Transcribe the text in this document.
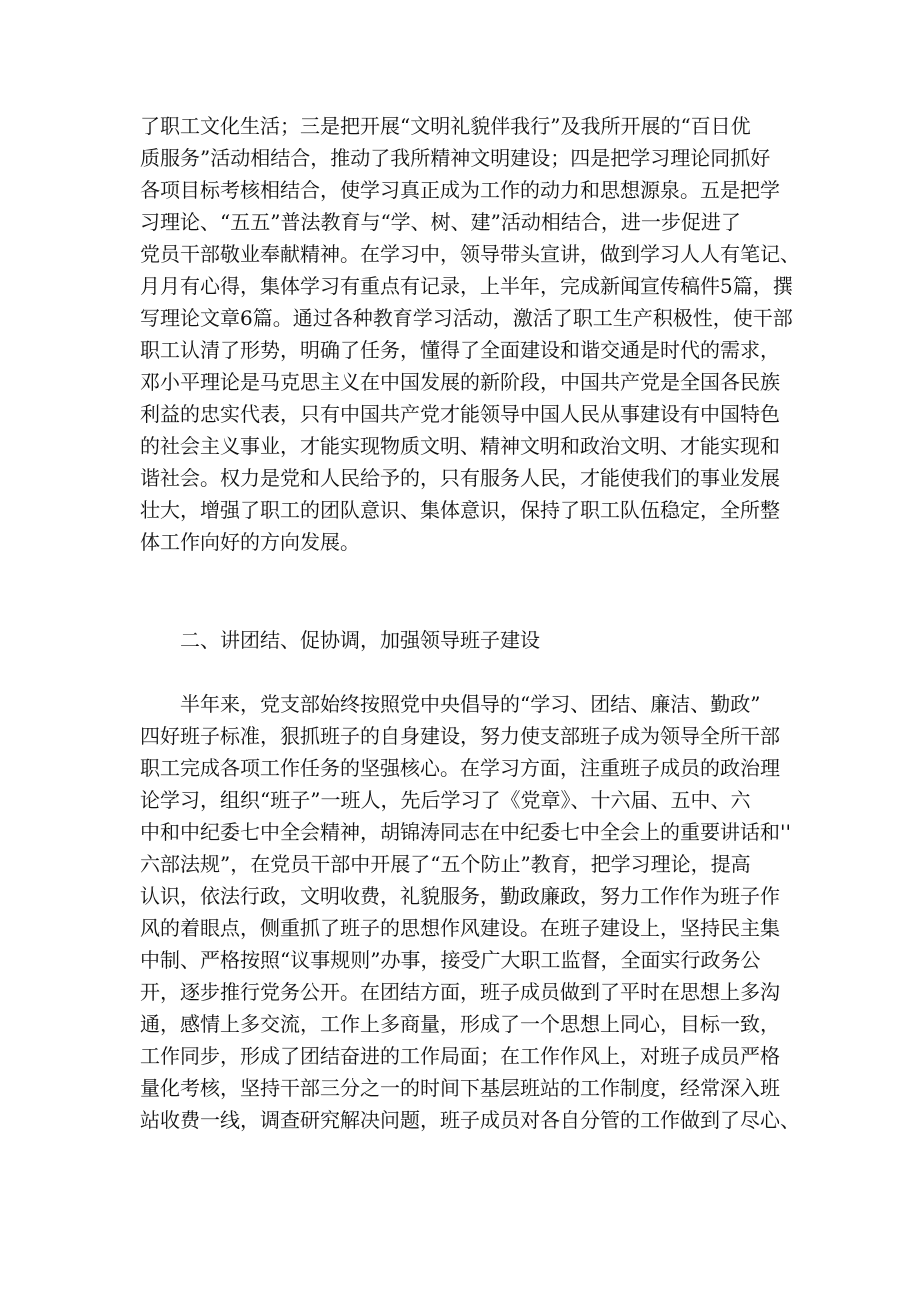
了职工文化生活；三是把开展“文明礼貌伴我行”及我所开展的“百日优
质服务”活动相结合，推动了我所精神文明建设；四是把学习理论同抓好
各项目标考核相结合，使学习真正成为工作的动力和思想源泉。五是把学
习理论、“五五”普法教育与“学、树、建”活动相结合，进一步促进了
党员干部敬业奉献精神。在学习中，领导带头宣讲，做到学习人人有笔记、
月月有心得，集体学习有重点有记录，上半年，完成新闻宣传稿件5篇，撰
写理论文章6篇。通过各种教育学习活动，激活了职工生产积极性，使干部
职工认清了形势，明确了任务，懂得了全面建设和谐交通是时代的需求，
邓小平理论是马克思主义在中国发展的新阶段，中国共产党是全国各民族
利益的忠实代表，只有中国共产党才能领导中国人民从事建设有中国特色
的社会主义事业，才能实现物质文明、精神文明和政治文明、才能实现和
谐社会。权力是党和人民给予的，只有服务人民，才能使我们的事业发展
壮大，增强了职工的团队意识、集体意识，保持了职工队伍稳定，全所整
体工作向好的方向发展。
二、讲团结、促协调，加强领导班子建设
半年来，党支部始终按照党中央倡导的“学习、团结、廉洁、勤政”
四好班子标准，狠抓班子的自身建设，努力使支部班子成为领导全所干部
职工完成各项工作任务的坚强核心。在学习方面，注重班子成员的政治理
论学习，组织“班子”一班人，先后学习了《党章》、十六届、五中、六
中和中纪委七中全会精神，胡锦涛同志在中纪委七中全会上的重要讲话和''
六部法规”，在党员干部中开展了“五个防止”教育，把学习理论，提高
认识，依法行政，文明收费，礼貌服务，勤政廉政，努力工作作为班子作
风的着眼点，侧重抓了班子的思想作风建设。在班子建设上，坚持民主集
中制、严格按照“议事规则”办事，接受广大职工监督，全面实行政务公
开，逐步推行党务公开。在团结方面，班子成员做到了平时在思想上多沟
通，感情上多交流，工作上多商量，形成了一个思想上同心，目标一致，
工作同步，形成了团结奋进的工作局面；在工作作风上，对班子成员严格
量化考核，坚持干部三分之一的时间下基层班站的工作制度，经常深入班
站收费一线，调查研究解决问题，班子成员对各自分管的工作做到了尽心、
